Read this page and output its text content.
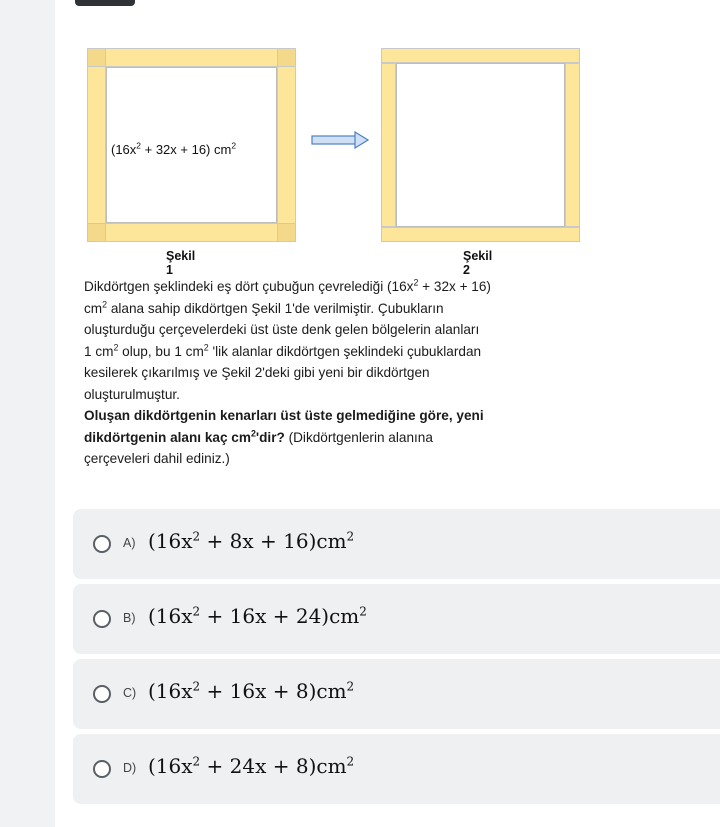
$(16x^2 + 32x + 16)$ $cm^2$
Şekil 1
Şekil 2

Dikdörtgen şeklindeki eş dört çubuğun çevrelediği $(16x^2 + 32x + 16)$

$cm^2$ alana sahip dikdörtgen Şekil 1'de verilmiştir. Çubukların

oluşturduğu çerçevelerdeki üst üste denk gelen bölgelerin alanları

1 $cm^2$ olup, bu 1 $cm^2$ 'lik alanlar dikdörtgen şeklindeki çubuklardan

kesilerek çıkarılmış ve Şekil 2'deki gibi yeni bir dikdörtgen

oluşturulmuştur.

Oluşan dikdörtgenin kenarları üst üste gelmediğine göre, yeni

dikdörtgenin alanı kaç $cm^2'dir$? (Dikdörtgenlerin alanına

çerçeveleri dahil ediniz.)

A) $(16x^2 + 8x + 16)cm^2$
B) $(16x^2 + 16x + 24)cm^2$
C) $(16x^2 + 16x + 8)cm^2$
D) $(16x^2 + 24x + 8)cm^2$
